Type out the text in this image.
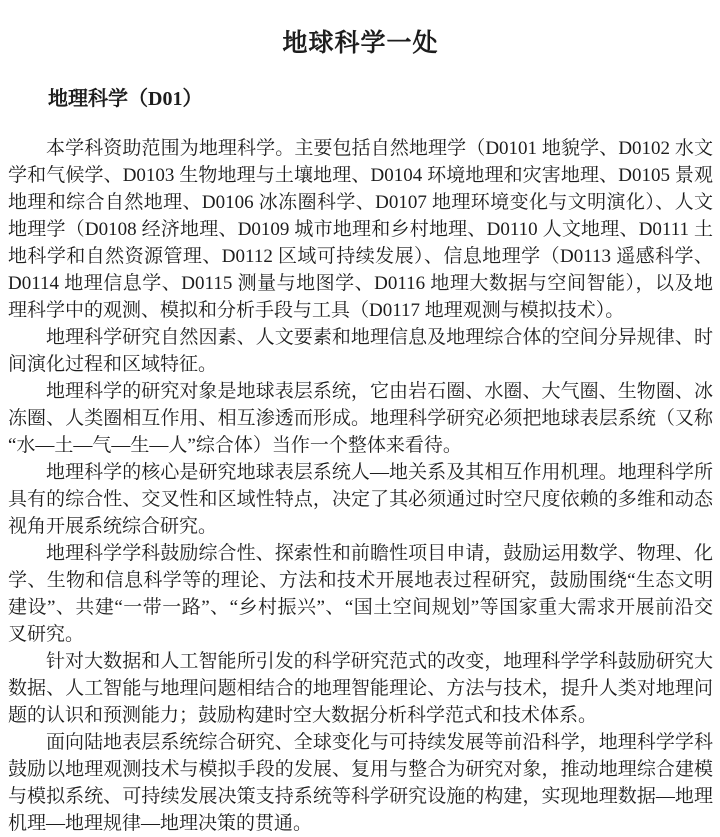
地球科学一处
地理科学（D01）

本学科资助范围为地理科学。主要包括自然地理学（D0101 地貌学、D0102 水文学和气候学、D0103 生物地理与土壤地理、D0104 环境地理和灾害地理、D0105 景观地理和综合自然地理、D0106 冰冻圈科学、D0107 地理环境变化与文明演化）、人文地理学（D0108 经济地理、D0109 城市地理和乡村地理、D0110 人文地理、D0111 土地科学和自然资源管理、D0112 区域可持续发展）、信息地理学（D0113 遥感科学、D0114 地理信息学、D0115 测量与地图学、D0116 地理大数据与空间智能），以及地理科学中的观测、模拟和分析手段与工具（D0117 地理观测与模拟技术）。

地理科学研究自然因素、人文要素和地理信息及地理综合体的空间分异规律、时间演化过程和区域特征。

地理科学的研究对象是地球表层系统，它由岩石圈、水圈、大气圈、生物圈、冰冻圈、人类圈相互作用、相互渗透而形成。地理科学研究必须把地球表层系统（又称“水—土—气—生—人”综合体）当作一个整体来看待。

地理科学的核心是研究地球表层系统人—地关系及其相互作用机理。地理科学所具有的综合性、交叉性和区域性特点，决定了其必须通过时空尺度依赖的多维和动态视角开展系统综合研究。

地理科学学科鼓励综合性、探索性和前瞻性项目申请，鼓励运用数学、物理、化学、生物和信息科学等的理论、方法和技术开展地表过程研究，鼓励围绕“生态文明建设”、共建“一带一路”、“乡村振兴”、“国土空间规划”等国家重大需求开展前沿交叉研究。

针对大数据和人工智能所引发的科学研究范式的改变，地理科学学科鼓励研究大数据、人工智能与地理问题相结合的地理智能理论、方法与技术，提升人类对地理问题的认识和预测能力；鼓励构建时空大数据分析科学范式和技术体系。

面向陆地表层系统综合研究、全球变化与可持续发展等前沿科学，地理科学学科鼓励以地理观测技术与模拟手段的发展、复用与整合为研究对象，推动地理综合建模与模拟系统、可持续发展决策支持系统等科学研究设施的构建，实现地理数据—地理机理—地理规律—地理决策的贯通。
